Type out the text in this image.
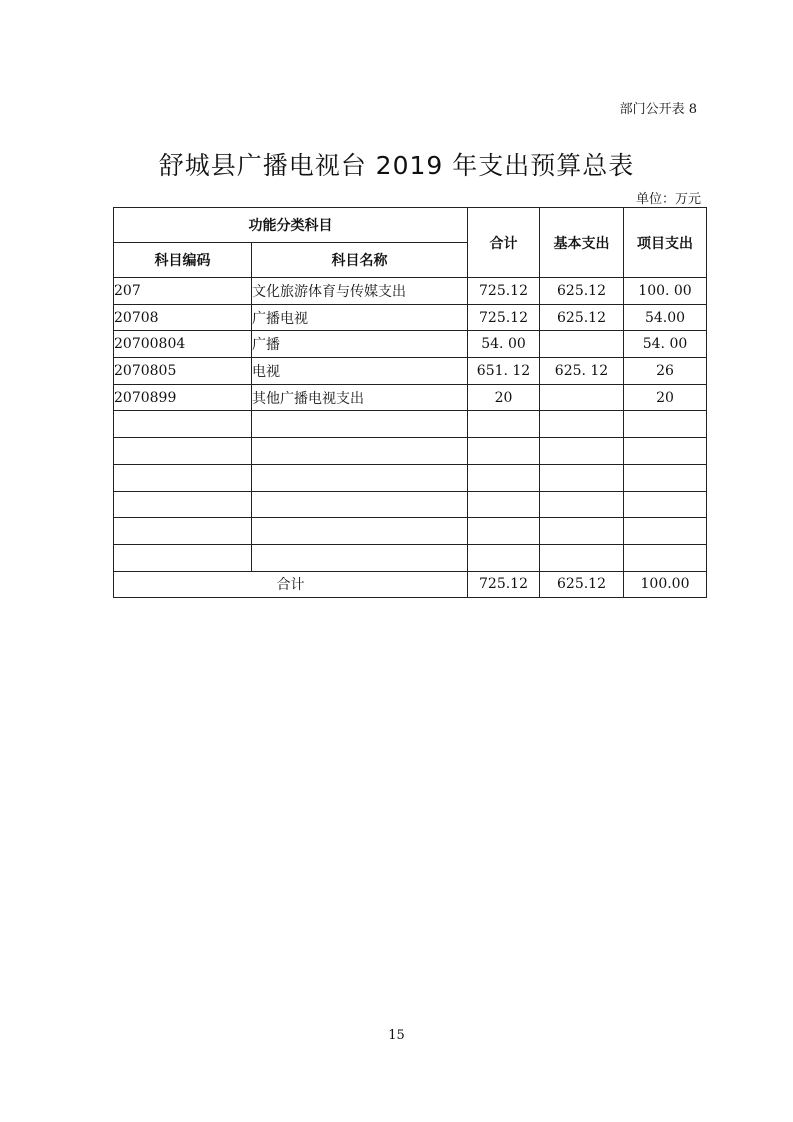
部门公开表 8
舒城县广播电视台 2019 年支出预算总表
单位：万元
功能分类科目		合计	基本支出	项目支出
科目编码	科目名称			
207	文化旅游体育与传媒支出	725.12	625.12	100. 00
20708	广播电视	725.12	625.12	54.00
20700804	广播	54. 00		54. 00
2070805	电视	651. 12	625. 12	26
2070899	其他广播电视支出	20		20

合计		725.12	625.12	100.00
15
